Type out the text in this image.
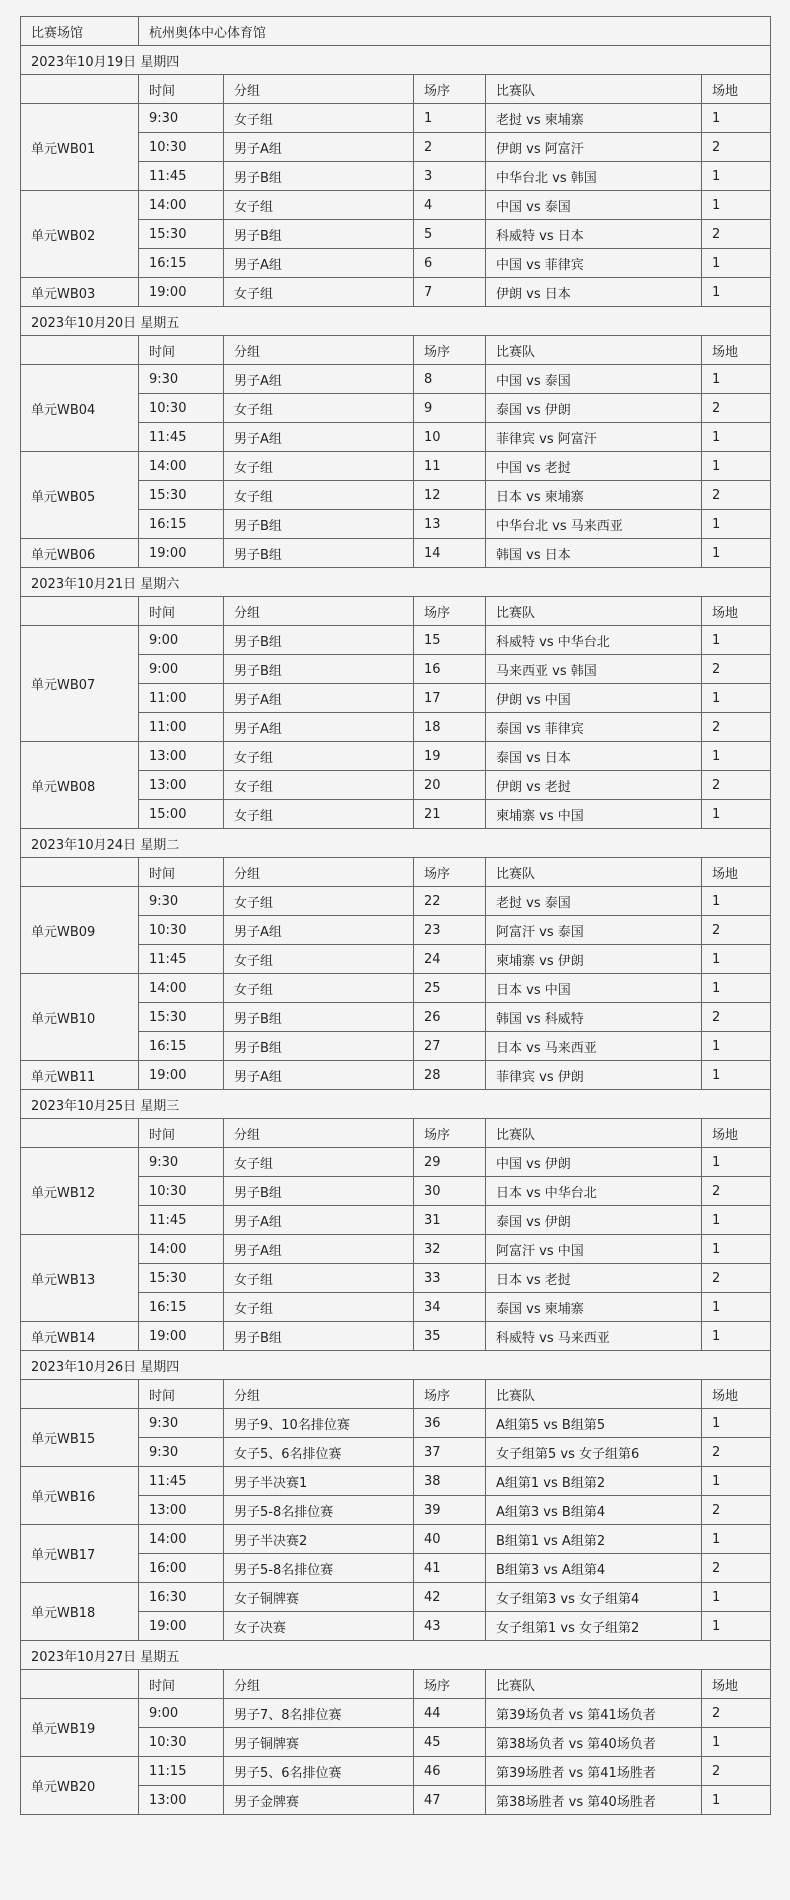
比赛场馆	杭州奥体中心体育馆				
2023年10月19日 星期四					
	时间	分组	场序	比赛队	场地
单元WB01	9:30	女子组	1	老挝 vs 柬埔寨	1
	10:30	男子A组	2	伊朗 vs 阿富汗	2
	11:45	男子B组	3	中华台北 vs 韩国	1
单元WB02	14:00	女子组	4	中国 vs 泰国	1
	15:30	男子B组	5	科威特 vs 日本	2
	16:15	男子A组	6	中国 vs 菲律宾	1
单元WB03	19:00	女子组	7	伊朗 vs 日本	1
2023年10月20日 星期五					
	时间	分组	场序	比赛队	场地
单元WB04	9:30	男子A组	8	中国 vs 泰国	1
	10:30	女子组	9	泰国 vs 伊朗	2
	11:45	男子A组	10	菲律宾 vs 阿富汗	1
单元WB05	14:00	女子组	11	中国 vs 老挝	1
	15:30	女子组	12	日本 vs 柬埔寨	2
	16:15	男子B组	13	中华台北 vs 马来西亚	1
单元WB06	19:00	男子B组	14	韩国 vs 日本	1
2023年10月21日 星期六					
	时间	分组	场序	比赛队	场地
单元WB07	9:00	男子B组	15	科威特 vs 中华台北	1
	9:00	男子B组	16	马来西亚 vs 韩国	2
	11:00	男子A组	17	伊朗 vs 中国	1
	11:00	男子A组	18	泰国 vs 菲律宾	2
单元WB08	13:00	女子组	19	泰国 vs 日本	1
	13:00	女子组	20	伊朗 vs 老挝	2
	15:00	女子组	21	柬埔寨 vs 中国	1
2023年10月24日 星期二					
	时间	分组	场序	比赛队	场地
单元WB09	9:30	女子组	22	老挝 vs 泰国	1
	10:30	男子A组	23	阿富汗 vs 泰国	2
	11:45	女子组	24	柬埔寨 vs 伊朗	1
单元WB10	14:00	女子组	25	日本 vs 中国	1
	15:30	男子B组	26	韩国 vs 科威特	2
	16:15	男子B组	27	日本 vs 马来西亚	1
单元WB11	19:00	男子A组	28	菲律宾 vs 伊朗	1
2023年10月25日 星期三					
	时间	分组	场序	比赛队	场地
单元WB12	9:30	女子组	29	中国 vs 伊朗	1
	10:30	男子B组	30	日本 vs 中华台北	2
	11:45	男子A组	31	泰国 vs 伊朗	1
单元WB13	14:00	男子A组	32	阿富汗 vs 中国	1
	15:30	女子组	33	日本 vs 老挝	2
	16:15	女子组	34	泰国 vs 柬埔寨	1
单元WB14	19:00	男子B组	35	科威特 vs 马来西亚	1
2023年10月26日 星期四					
	时间	分组	场序	比赛队	场地
单元WB15	9:30	男子9、10名排位赛	36	A组第5 vs B组第5	1
	9:30	女子5、6名排位赛	37	女子组第5 vs 女子组第6	2
单元WB16	11:45	男子半决赛1	38	A组第1 vs B组第2	1
	13:00	男子5-8名排位赛	39	A组第3 vs B组第4	2
单元WB17	14:00	男子半决赛2	40	B组第1 vs A组第2	1
	16:00	男子5-8名排位赛	41	B组第3 vs A组第4	2
单元WB18	16:30	女子铜牌赛	42	女子组第3 vs 女子组第4	1
	19:00	女子决赛	43	女子组第1 vs 女子组第2	1
2023年10月27日 星期五					
	时间	分组	场序	比赛队	场地
单元WB19	9:00	男子7、8名排位赛	44	第39场负者 vs 第41场负者	2
	10:30	男子铜牌赛	45	第38场负者 vs 第40场负者	1
单元WB20	11:15	男子5、6名排位赛	46	第39场胜者 vs 第41场胜者	2
	13:00	男子金牌赛	47	第38场胜者 vs 第40场胜者	1
